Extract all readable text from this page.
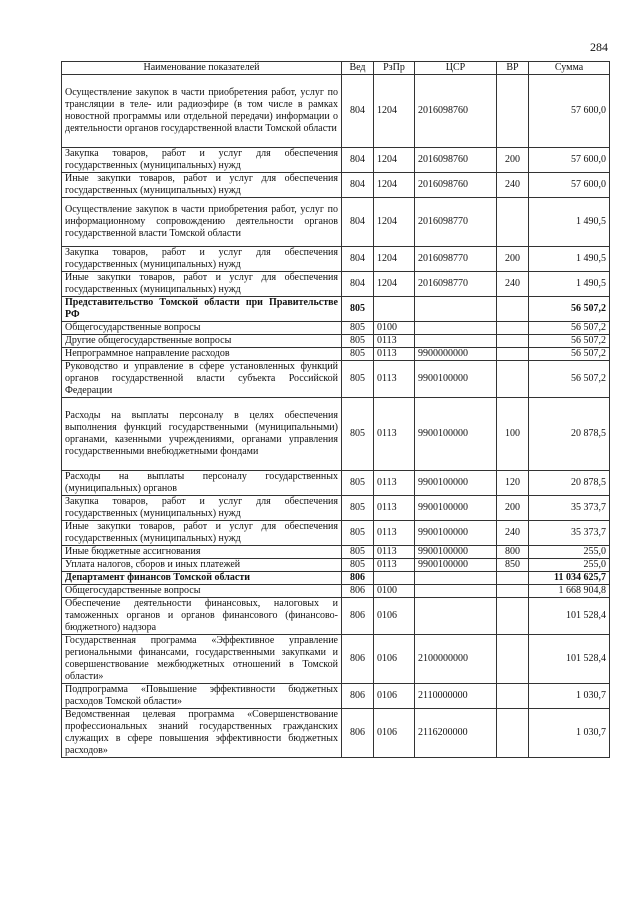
284
Наименование показателей	Вед	РзПр	ЦСР	ВР	Сумма
Осуществление закупок в части приобретения работ, услуг по трансляции в теле- или радиоэфире (в том числе в рамках новостной программы или отдельной передачи) информации о деятельности органов государственной власти Томской области	804	1204	2016098760		57 600,0
Закупка товаров, работ и услуг для обеспечения государственных (муниципальных) нужд	804	1204	2016098760	200	57 600,0
Иные закупки товаров, работ и услуг для обеспечения государственных (муниципальных) нужд	804	1204	2016098760	240	57 600,0
Осуществление закупок в части приобретения работ, услуг по информационному сопровождению деятельности органов государственной власти Томской области	804	1204	2016098770		1 490,5
Закупка товаров, работ и услуг для обеспечения государственных (муниципальных) нужд	804	1204	2016098770	200	1 490,5
Иные закупки товаров, работ и услуг для обеспечения государственных (муниципальных) нужд	804	1204	2016098770	240	1 490,5
Представительство Томской области при Правительстве РФ	805				56 507,2
Общегосударственные вопросы	805	0100			56 507,2
Другие общегосударственные вопросы	805	0113			56 507,2
Непрограммное направление расходов	805	0113	9900000000		56 507,2
Руководство и управление в сфере установленных функций органов государственной власти субъекта Российской Федерации	805	0113	9900100000		56 507,2
Расходы на выплаты персоналу в целях обеспечения выполнения функций государственными (муниципальными) органами, казенными учреждениями, органами управления государственными внебюджетными фондами	805	0113	9900100000	100	20 878,5
Расходы на выплаты персоналу государственных (муниципальных) органов	805	0113	9900100000	120	20 878,5
Закупка товаров, работ и услуг для обеспечения государственных (муниципальных) нужд	805	0113	9900100000	200	35 373,7
Иные закупки товаров, работ и услуг для обеспечения государственных (муниципальных) нужд	805	0113	9900100000	240	35 373,7
Иные бюджетные ассигнования	805	0113	9900100000	800	255,0
Уплата налогов, сборов и иных платежей	805	0113	9900100000	850	255,0
Департамент финансов Томской области	806				11 034 625,7
Общегосударственные вопросы	806	0100			1 668 904,8
Обеспечение деятельности финансовых, налоговых и таможенных органов и органов финансового (финансово-бюджетного) надзора	806	0106			101 528,4
Государственная программа «Эффективное управление региональными финансами, государственными закупками и совершенствование межбюджетных отношений в Томской области»	806	0106	2100000000		101 528,4
Подпрограмма «Повышение эффективности бюджетных расходов Томской области»	806	0106	2110000000		1 030,7
Ведомственная целевая программа «Совершенствование профессиональных знаний государственных гражданских служащих в сфере повышения эффективности бюджетных расходов»	806	0106	2116200000		1 030,7
